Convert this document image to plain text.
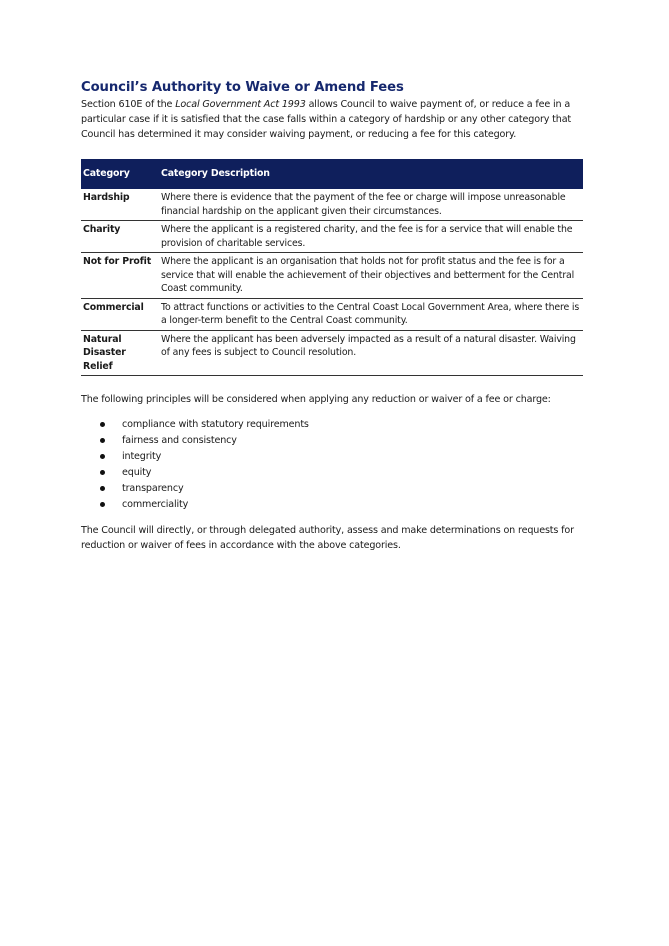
Council’s Authority to Waive or Amend Fees

Section 610E of the Local Government Act 1993 allows Council to waive payment of, or reduce a fee in a particular case if it is satisfied that the case falls within a category of hardship or any other category that Council has determined it may consider waiving payment, or reducing a fee for this category.

Category	Category Description
Hardship	Where there is evidence that the payment of the fee or charge will impose unreasonable financial hardship on the applicant given their circumstances.
Charity	Where the applicant is a registered charity, and the fee is for a service that will enable the provision of charitable services.
Not for Profit	Where the applicant is an organisation that holds not for profit status and the fee is for a service that will enable the achievement of their objectives and betterment for the Central Coast community.
Commercial	To attract functions or activities to the Central Coast Local Government Area, where there is a longer-term benefit to the Central Coast community.
Natural Disaster Relief	Where the applicant has been adversely impacted as a result of a natural disaster. Waiving of any fees is subject to Council resolution.

The following principles will be considered when applying any reduction or waiver of a fee or charge:

compliance with statutory requirements
fairness and consistency
integrity
equity
transparency
commerciality

The Council will directly, or through delegated authority, assess and make determinations on requests for reduction or waiver of fees in accordance with the above categories.
